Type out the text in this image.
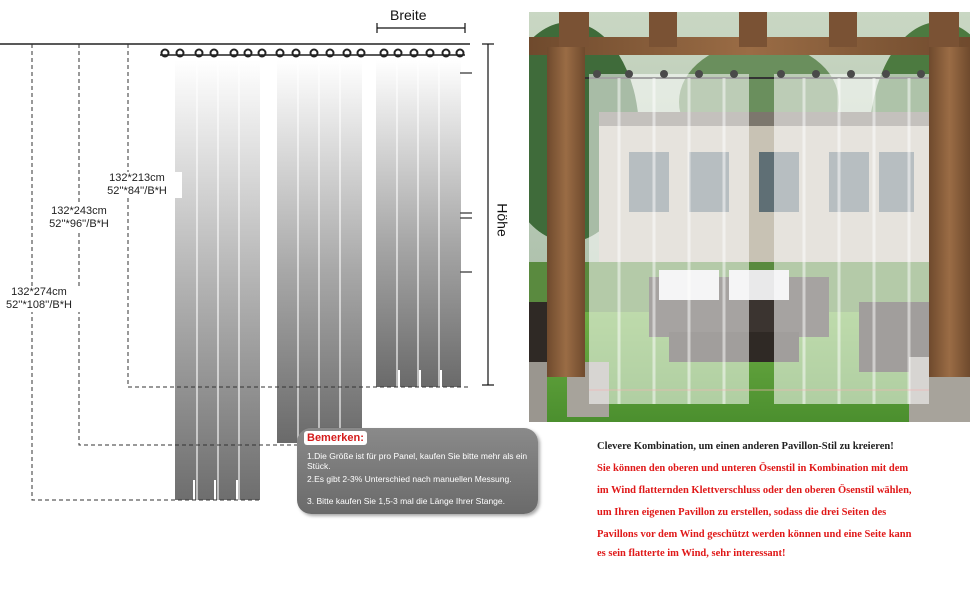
Breite
Höhe
132*213cm
52''*84''/B*H
132*243cm
52''*96''/B*H
132*274cm
52''*108''/B*H
Bemerken:
1.Die Größe ist für pro Panel, kaufen Sie bitte mehr als ein Stück.
2.Es gibt 2-3% Unterschied nach manuellen Messung.
3. Bitte kaufen Sie 1,5-3 mal die Länge Ihrer Stange.
Clevere Kombination, um einen anderen Pavillon-Stil zu kreieren!
Sie können den oberen und unteren Ösenstil in Kombination mit dem
im Wind flatternden Klettverschluss oder den oberen Ösenstil wählen,
um Ihren eigenen Pavillon zu erstellen, sodass die drei Seiten des
Pavillons vor dem Wind geschützt werden können und eine Seite kann
es sein flatterte im Wind, sehr interessant!
